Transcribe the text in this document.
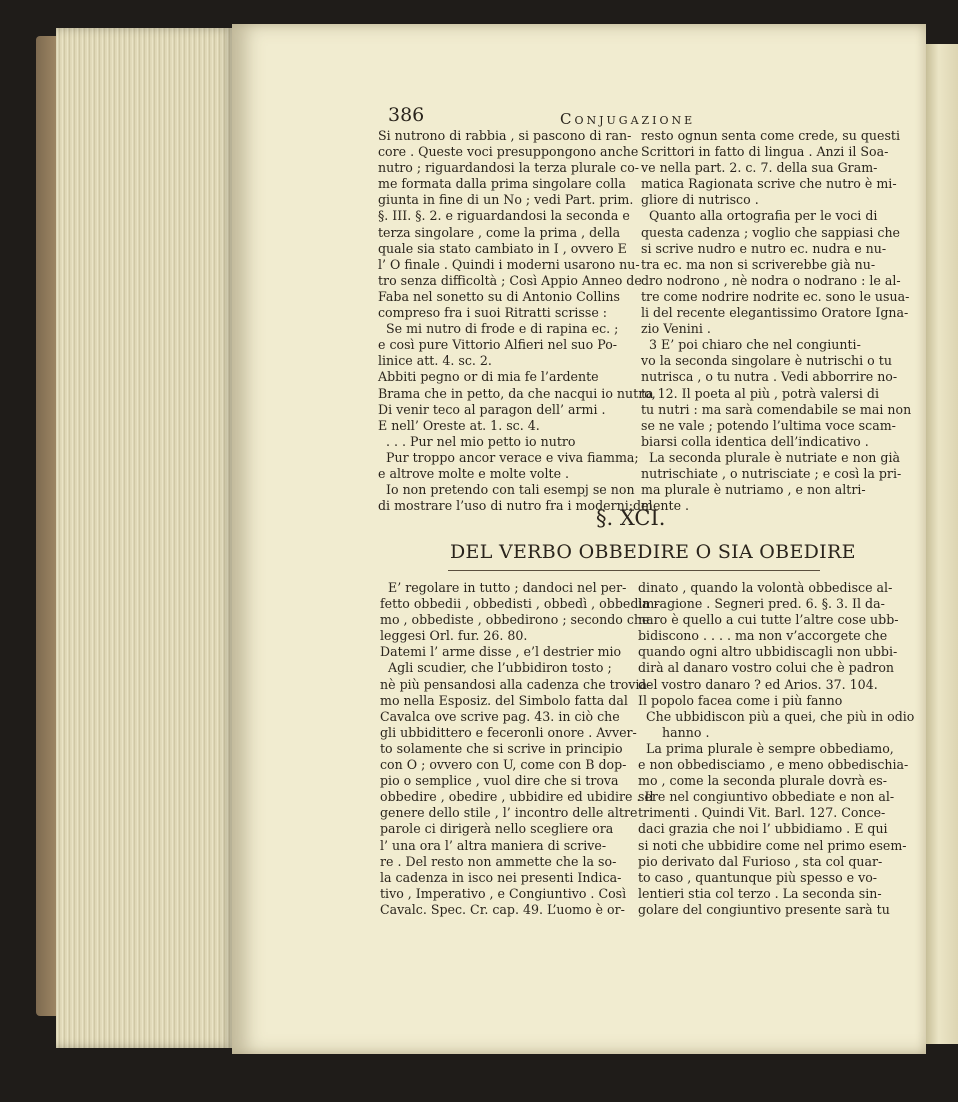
386	Conjugazione
Si nutrono di rabbia , si pascono di ran-
core . Queste voci presuppongono anche
nutro ; riguardandosi la terza plurale co-
me formata dalla prima singolare colla
giunta in fine di un No ; vedi Part. prim.
§. III. §. 2. e riguardandosi la seconda e
terza singolare , come la prima , della
quale sia stato cambiato in I , ovvero E
l’ O finale . Quindi i moderni usarono nu-
tro senza difficoltà ; Così Appio Anneo de
Faba nel sonetto su di Antonio Collins
compreso fra i suoi Ritratti scrisse :
Se mi nutro di frode e di rapina ec. ;
e così pure Vittorio Alfieri nel suo Po-
linice att. 4. sc. 2.
Abbiti pegno or di mia fe l’ardente
Brama che in petto, da che nacqui io nutro,
Di venir teco al paragon dell’ armi .
E nell’ Oreste at. 1. sc. 4.
. . . Pur nel mio petto io nutro
Pur troppo ancor verace e viva fiamma;
e altrove molte e molte volte .
Io non pretendo con tali esempj se non
di mostrare l’uso di nutro fra i moderni:del
resto ognun senta come crede, su questi
Scrittori in fatto di lingua . Anzi il Soa-
ve nella part. 2. c. 7. della sua Gram-
matica Ragionata scrive che nutro è mi-
gliore di nutrisco .
Quanto alla ortografia per le voci di
questa cadenza ; voglio che sappiasi che
si scrive nudro e nutro ec. nudra e nu-
tra ec. ma non si scriverebbe già nu-
dro nodrono , nè nodra o nodrano : le al-
tre come nodrire nodrite ec. sono le usua-
li del recente elegantissimo Oratore Igna-
zio Venini .
3 E’ poi chiaro che nel congiunti-
vo la seconda singolare è nutrischi o tu
nutrisca , o tu nutra . Vedi abborrire no-
ta 12. Il poeta al più , potrà valersi di
tu nutri : ma sarà comendabile se mai non
se ne vale ; potendo l’ultima voce scam-
biarsi colla identica dell’indicativo .
La seconda plurale è nutriate e non già
nutrischiate , o nutrisciate ; e così la pri-
ma plurale è nutriamo , e non altri-
mente .
§. XCI.
DEL VERBO OBBEDIRE O SIA OBEDIRE
E’ regolare in tutto ; dandoci nel per-
fetto obbedii , obbedisti , obbedì , obbedim-
mo , obbediste , obbedirono ; secondo che
leggesi Orl. fur. 26. 80.
Datemi l’ arme disse , e’l destrier mio
Agli scudier, che l’ubbidiron tosto ;
nè più pensandosi alla cadenza che trovia-
mo nella Esposiz. del Simbolo fatta dal
Cavalca ove scrive pag. 43. in ciò che
gli ubbidittero e feceronli onore . Avver-
to solamente che si scrive in principio
con O ; ovvero con U, come con B dop-
pio o semplice , vuol dire che si trova
obbedire , obedire , ubbidire ed ubidire . Il
genere dello stile , l’ incontro delle altre
parole ci dirigerà nello scegliere ora
l’ una ora l’ altra maniera di scrive-
re . Del resto non ammette che la so-
la cadenza in isco nei presenti Indica-
tivo , Imperativo , e Congiuntivo . Così
Cavalc. Spec. Cr. cap. 49. L’uomo è or-
dinato , quando la volontà obbedisce al-
la ragione . Segneri pred. 6. §. 3. Il da-
naro è quello a cui tutte l’altre cose ubb-
bidiscono . . . . ma non v’accorgete che
quando ogni altro ubbidiscagli non ubbi-
dirà al danaro vostro colui che è padron
del vostro danaro ? ed Arios. 37. 104.
Il popolo facea come i più fanno
Che ubbidiscon più a quei, che più in odio
hanno .
La prima plurale è sempre obbediamo,
e non obbedisciamo , e meno obbedischia-
mo , come la seconda plurale dovrà es-
sere nel congiuntivo obbediate e non al-
trimenti . Quindi Vit. Barl. 127. Conce-
daci grazia che noi l’ ubbidiamo . E qui
si noti che ubbidire come nel primo esem-
pio derivato dal Furioso , sta col quar-
to caso , quantunque più spesso e vo-
lentieri stia col terzo . La seconda sin-
golare del congiuntivo presente sarà tu
